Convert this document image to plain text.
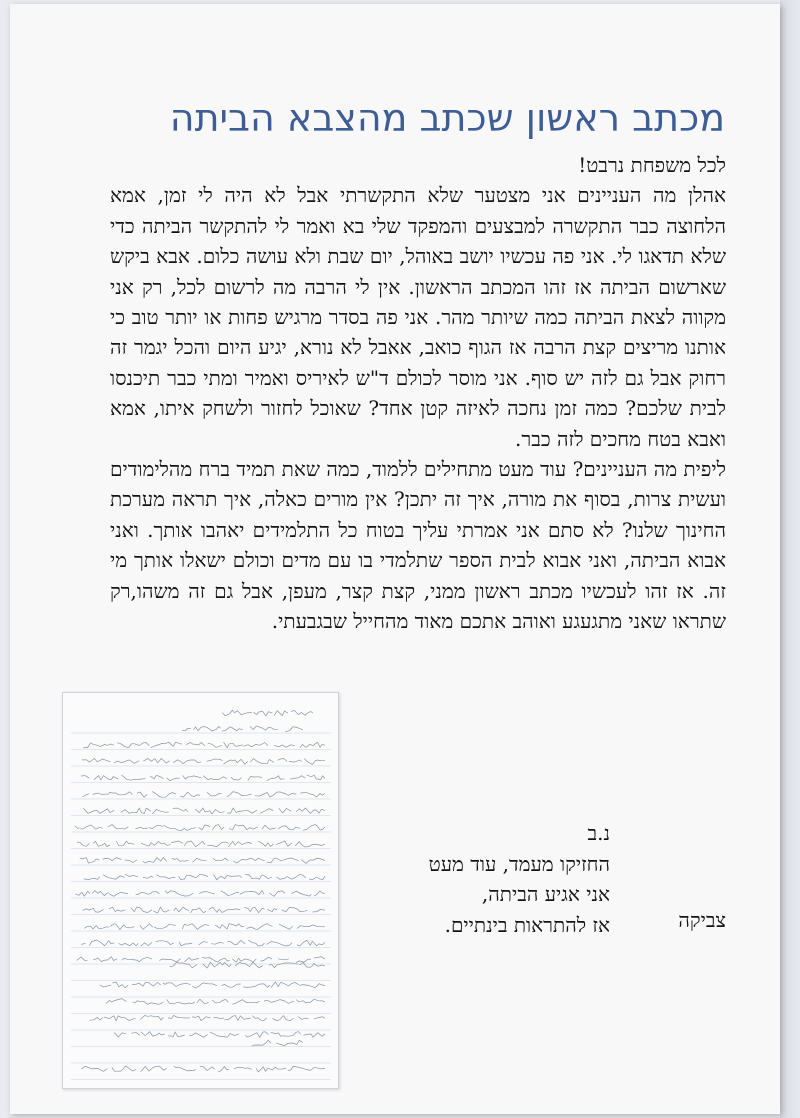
מכתב ראשון שכתב מהצבא הביתה

לכל משפחת נרבט!

אהלן מה העניינים אני מצטער שלא התקשרתי אבל לא היה לי זמן, אמא הלחוצה כבר התקשרה למבצעים והמפקד שלי בא ואמר לי להתקשר הביתה כדי שלא תדאגו לי. אני פה עכשיו יושב באוהל, יום שבת ולא עושה כלום. אבא ביקש שארשום הביתה אז זהו המכתב הראשון. אין לי הרבה מה לרשום לכל, רק אני מקווה לצאת הביתה כמה שיותר מהר. אני פה בסדר מרגיש פחות או יותר טוב כי אותנו מריצים קצת הרבה אז הגוף כואב, אאבל לא נורא, יגיע היום והכל יגמר זה רחוק אבל גם לזה יש סוף. אני מוסר לכולם ד"ש לאיריס ואמיר ומתי כבר תיכנסו לבית שלכם? כמה זמן נחכה לאיזה קטן אחד? שאוכל לחזור ולשחק איתו, אמא ואבא בטח מחכים לזה כבר.

ליפית מה העניינים? עוד מעט מתחילים ללמוד, כמה שאת תמיד ברח מהלימודים ועשית צרות, בסוף את מורה, איך זה יתכן? אין מורים כאלה, איך תראה מערכת החינוך שלנו? לא סתם אני אמרתי עליך בטוח כל התלמידים יאהבו אותך. ואני אבוא הביתה, ואני אבוא לבית הספר שתלמדי בו עם מדים וכולם ישאלו אותך מי זה. אז זהו לעכשיו מכתב ראשון ממני, קצת קצר, מעפן, אבל גם זה משהו,רק שתראו שאני מתגעגע ואוהב אתכם מאוד מהחייל שבגבעתי.

צביקה

נ.ב

החזיקו מעמד, עוד מעט

אני אגיע הביתה,

אז להתראות בינתיים.
